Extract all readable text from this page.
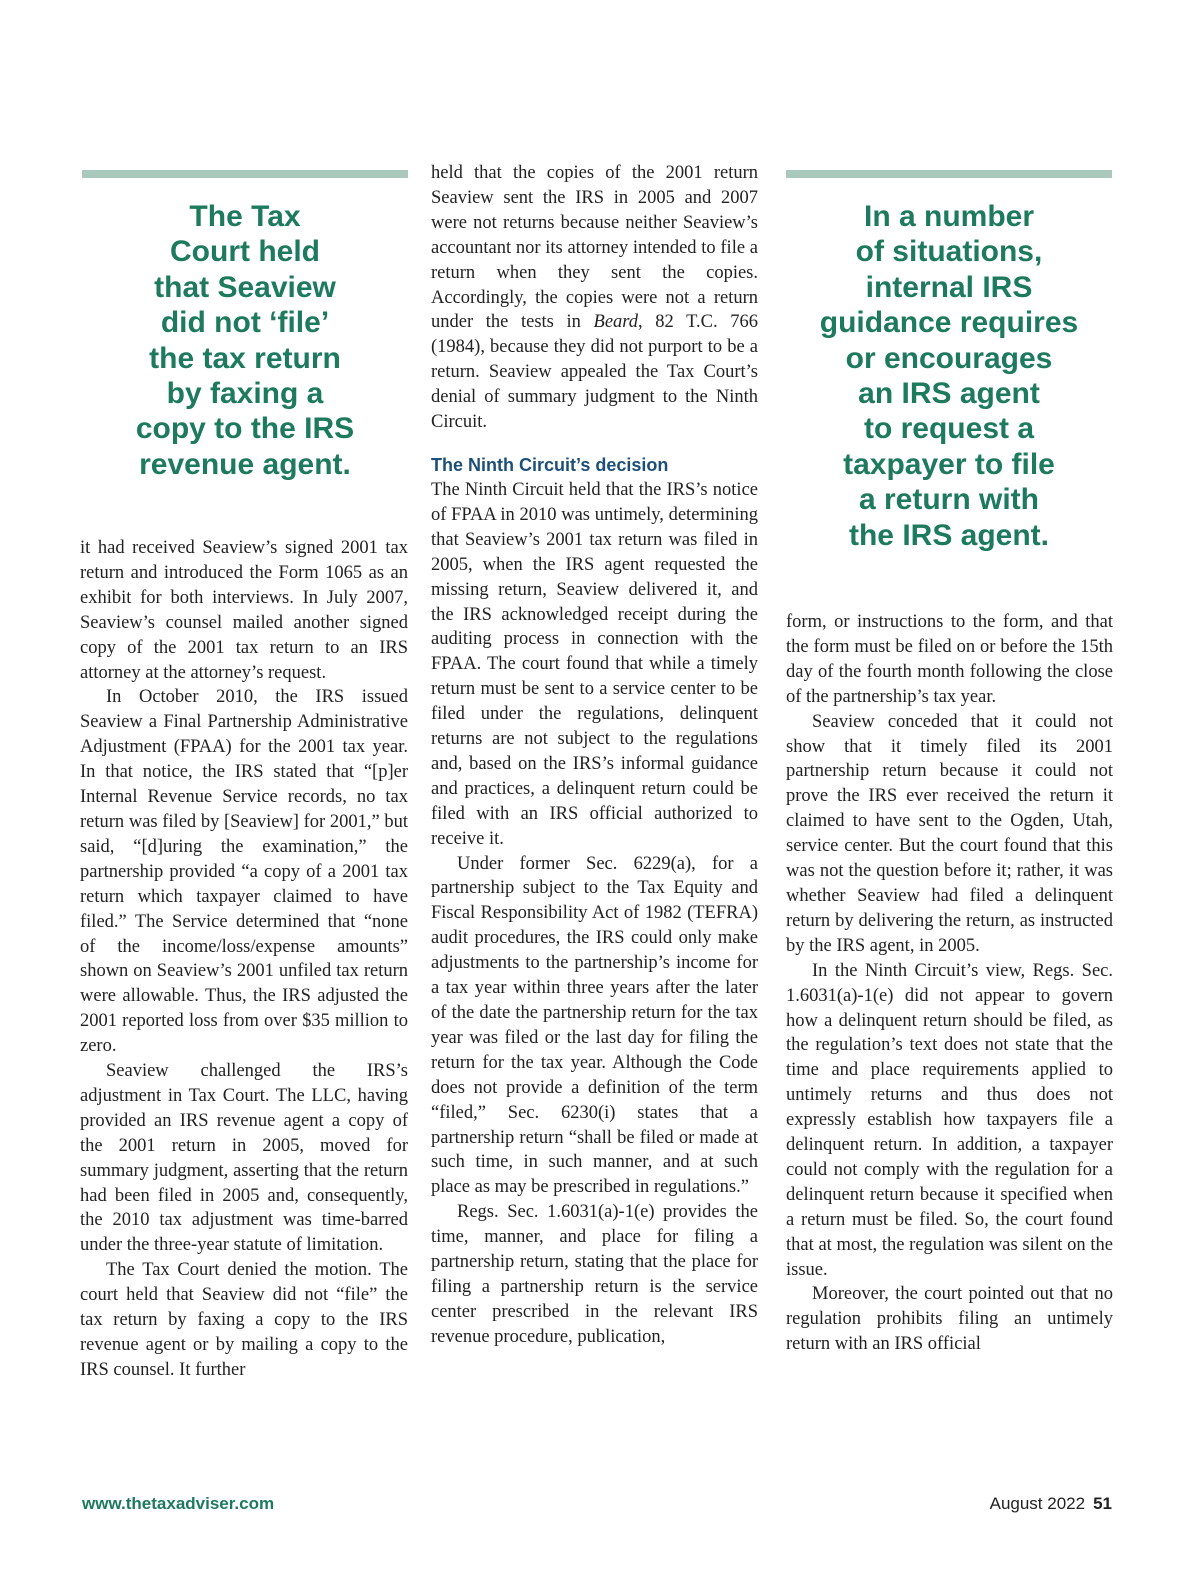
The Tax
Court held
that Seaview
did not ‘file’
the tax return
by faxing a
copy to the IRS
revenue agent.

In a number
of situations,
internal IRS
guidance requires
or encourages
an IRS agent
to request a
taxpayer to file
a return with
the IRS agent.

it had received Seaview’s signed 2001 tax return and introduced the Form 1065 as an exhibit for both interviews. In July 2007, Seaview’s counsel mailed another signed copy of the 2001 tax return to an IRS attorney at the attorney’s request.

In October 2010, the IRS issued Seaview a Final Partnership Administrative Adjustment (FPAA) for the 2001 tax year. In that notice, the IRS stated that “[p]er Internal Revenue Service records, no tax return was filed by [Seaview] for 2001,” but said, “[d]uring the examination,” the partnership provided “a copy of a 2001 tax return which taxpayer claimed to have filed.” The Service determined that “none of the income/loss/expense amounts” shown on Seaview’s 2001 unfiled tax return were allowable. Thus, the IRS adjusted the 2001 reported loss from over $35 million to zero.

Seaview challenged the IRS’s adjustment in Tax Court. The LLC, having provided an IRS revenue agent a copy of the 2001 return in 2005, moved for summary judgment, asserting that the return had been filed in 2005 and, consequently, the 2010 tax adjustment was time-barred under the three-year statute of limitation.

The Tax Court denied the motion. The court held that Seaview did not “file” the tax return by faxing a copy to the IRS revenue agent or by mailing a copy to the IRS counsel. It further

held that the copies of the 2001 return Seaview sent the IRS in 2005 and 2007 were not returns because neither Seaview’s accountant nor its attorney intended to file a return when they sent the copies. Accordingly, the copies were not a return under the tests in Beard, 82 T.C. 766 (1984), because they did not purport to be a return. Seaview appealed the Tax Court’s denial of summary judgment to the Ninth Circuit.

The Ninth Circuit’s decision

The Ninth Circuit held that the IRS’s notice of FPAA in 2010 was untimely, determining that Seaview’s 2001 tax return was filed in 2005, when the IRS agent requested the missing return, Seaview delivered it, and the IRS acknowledged receipt during the auditing process in connection with the FPAA. The court found that while a timely return must be sent to a service center to be filed under the regulations, delinquent returns are not subject to the regulations and, based on the IRS’s informal guidance and practices, a delinquent return could be filed with an IRS official authorized to receive it.

Under former Sec. 6229(a), for a partnership subject to the Tax Equity and Fiscal Responsibility Act of 1982 (TEFRA) audit procedures, the IRS could only make adjustments to the partnership’s income for a tax year within three years after the later of the date the partnership return for the tax year was filed or the last day for filing the return for the tax year. Although the Code does not provide a definition of the term “filed,” Sec. 6230(i) states that a partnership return “shall be filed or made at such time, in such manner, and at such place as may be prescribed in regulations.”

Regs. Sec. 1.6031(a)-1(e) provides the time, manner, and place for filing a partnership return, stating that the place for filing a partnership return is the service center prescribed in the relevant IRS revenue procedure, publication,

form, or instructions to the form, and that the form must be filed on or before the 15th day of the fourth month following the close of the partnership’s tax year.

Seaview conceded that it could not show that it timely filed its 2001 partnership return because it could not prove the IRS ever received the return it claimed to have sent to the Ogden, Utah, service center. But the court found that this was not the question before it; rather, it was whether Seaview had filed a delinquent return by delivering the return, as instructed by the IRS agent, in 2005.

In the Ninth Circuit’s view, Regs. Sec. 1.6031(a)-1(e) did not appear to govern how a delinquent return should be filed, as the regulation’s text does not state that the time and place requirements applied to untimely returns and thus does not expressly establish how taxpayers file a delinquent return. In addition, a taxpayer could not comply with the regulation for a delinquent return because it specified when a return must be filed. So, the court found that at most, the regulation was silent on the issue.

Moreover, the court pointed out that no regulation prohibits filing an untimely return with an IRS official

www.thetaxadviser.com	August 2022 51
